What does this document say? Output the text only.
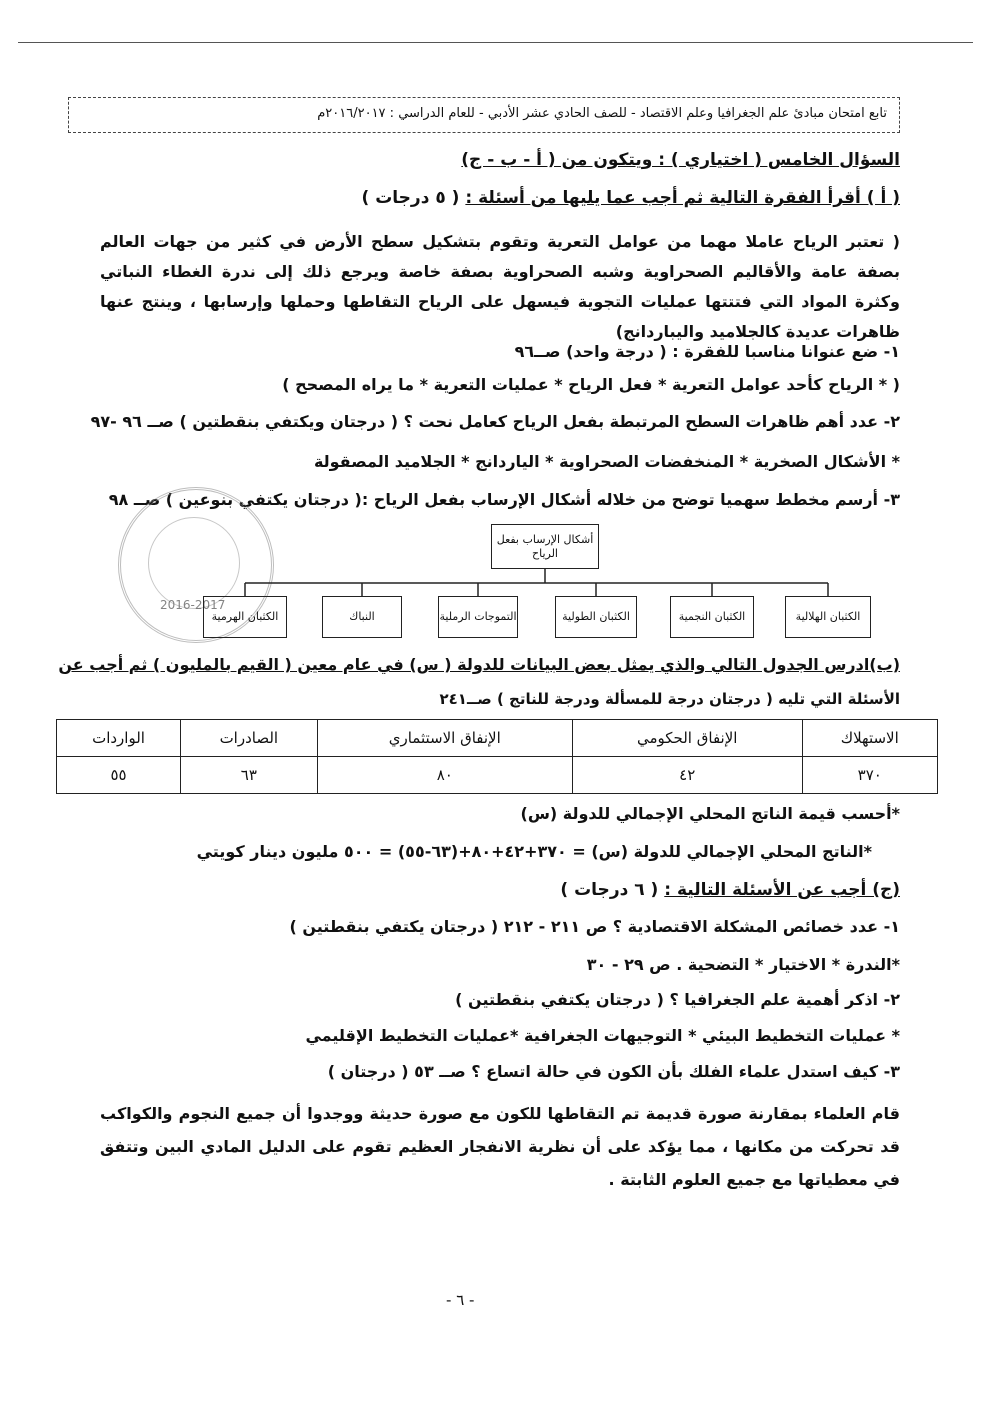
تابع امتحان مبادئ علم الجغرافيا وعلم الاقتصاد - للصف الحادي عشر الأدبي - للعام الدراسي : ٢٠١٦/٢٠١٧م
السؤال الخامس ( اختياري ) : ويتكون من ( أ - ب - ج)
( أ ) أقرأ الفقرة التالية ثم أجب عما يليها من أسئلة : ( ٥ درجات )
( تعتبر الرياح عاملا مهما من عوامل التعرية وتقوم بتشكيل سطح الأرض في كثير من جهات العالم بصفة عامة والأقاليم الصحراوية وشبه الصحراوية بصفة خاصة ويرجع ذلك إلى ندرة الغطاء النباتي وكثرة المواد التي فتتتها عمليات التجوية فيسهل على الرياح التقاطها وحملها وإرسابها ، وينتج عنها ظاهرات عديدة كالجلاميد واليباردانج)
١- ضع عنوانا مناسبا للفقرة : ( درجة واحد) صــ٩٦
( * الرياح كأحد عوامل التعرية * فعل الرياح * عمليات التعرية * ما يراه المصحح )
٢- عدد أهم ظاهرات السطح المرتبطة بفعل الرياح كعامل نحت ؟ ( درجتان ويكتفي بنقطتين ) صــ ٩٦ -٩٧
* الأشكال الصخرية * المنخفضات الصحراوية * الياردانج * الجلاميد المصقولة
٣- أرسم مخطط سهميا توضح من خلاله أشكال الإرساب بفعل الرياح :( درجتان يكتفي بنوعين ) صــ ٩٨
2016-2017
أشكال الإرساب بفعل الرياح
الكثبان الهلالية
الكثبان النجمية
الكثبان الطولية
التموجات الرملية
النباك
الكثبان الهرمية
(ب)ادرس الجدول التالي والذي يمثل بعض البيانات للدولة ( س) في عام معين ( القيم بالمليون ) ثم أجب عن
الأسئلة التي تليه ( درجتان درجة للمسألة ودرجة للناتج ) صــ٢٤١
الاستهلاك	الإنفاق الحكومي	الإنفاق الاستثماري	الصادرات	الواردات
٣٧٠	٤٢	٨٠	٦٣	٥٥
*أحسب قيمة الناتج المحلي الإجمالي للدولة (س)
*الناتج المحلي الإجمالي للدولة (س) = ٣٧٠+٤٢+٨٠+(٦٣-٥٥) = ٥٠٠ مليون دينار كويتي
(ج) أجب عن الأسئلة التالية : ( ٦ درجات )
١- عدد خصائص المشكلة الاقتصادية ؟ ص ٢١١ - ٢١٢ ( درجتان يكتفي بنقطتين )
*الندرة * الاختيار * التضحية . ص ٢٩ - ٣٠
٢- اذكر أهمية علم الجغرافيا ؟ ( درجتان يكتفي بنقطتين )
* عمليات التخطيط البيئي * التوجيهات الجغرافية *عمليات التخطيط الإقليمي
٣- كيف استدل علماء الفلك بأن الكون في حالة اتساع ؟ صــ ٥٣ ( درجتان )
قام العلماء بمقارنة صورة قديمة تم التقاطها للكون مع صورة حديثة ووجدوا أن جميع النجوم والكواكب قد تحركت من مكانها ، مما يؤكد على أن نظرية الانفجار العظيم تقوم على الدليل المادي البين وتتفق في معطياتها مع جميع العلوم الثابتة .
- ٦ -
